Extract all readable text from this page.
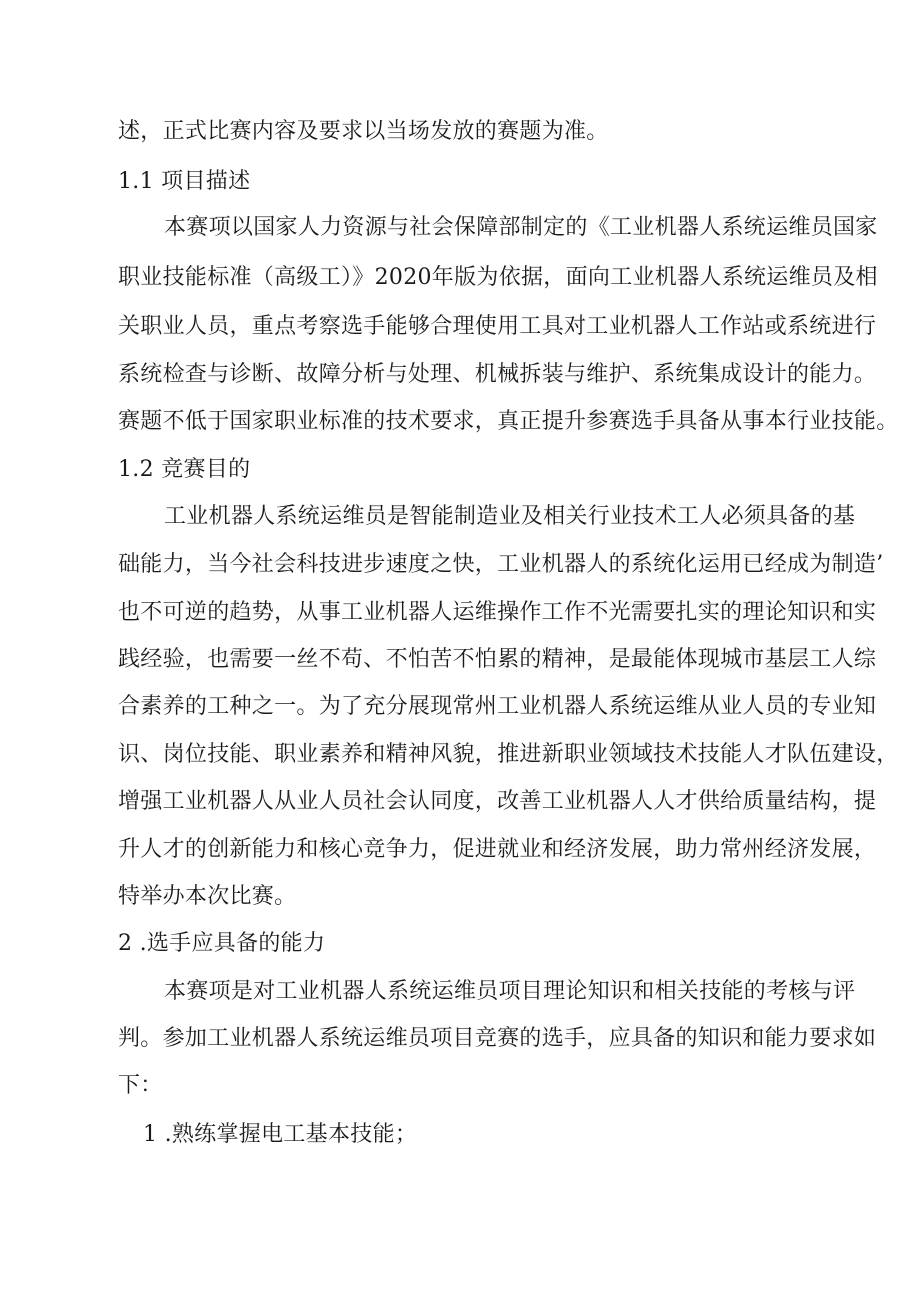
述，正式比赛内容及要求以当场发放的赛题为准。
1.1 项目描述
本赛项以国家人力资源与社会保障部制定的《工业机器人系统运维员国家
职业技能标准（高级工）》2020年版为依据，面向工业机器人系统运维员及相
关职业人员，重点考察选手能够合理使用工具对工业机器人工作站或系统进行
系统检查与诊断、故障分析与处理、机械拆装与维护、系统集成设计的能力。
赛题不低于国家职业标准的技术要求，真正提升参赛选手具备从事本行业技能。
1.2 竞赛目的
工业机器人系统运维员是智能制造业及相关行业技术工人必须具备的基
础能力，当今社会科技进步速度之快，工业机器人的系统化运用已经成为制造’
也不可逆的趋势，从事工业机器人运维操作工作不光需要扎实的理论知识和实
践经验，也需要一丝不苟、不怕苦不怕累的精神，是最能体现城市基层工人综
合素养的工种之一。为了充分展现常州工业机器人系统运维从业人员的专业知
识、岗位技能、职业素养和精神风貌，推进新职业领域技术技能人才队伍建设，
增强工业机器人从业人员社会认同度，改善工业机器人人才供给质量结构，提
升人才的创新能力和核心竞争力，促进就业和经济发展，助力常州经济发展，
特举办本次比赛。
2 .选手应具备的能力
本赛项是对工业机器人系统运维员项目理论知识和相关技能的考核与评
判。参加工业机器人系统运维员项目竞赛的选手，应具备的知识和能力要求如
下：
1 .熟练掌握电工基本技能；
